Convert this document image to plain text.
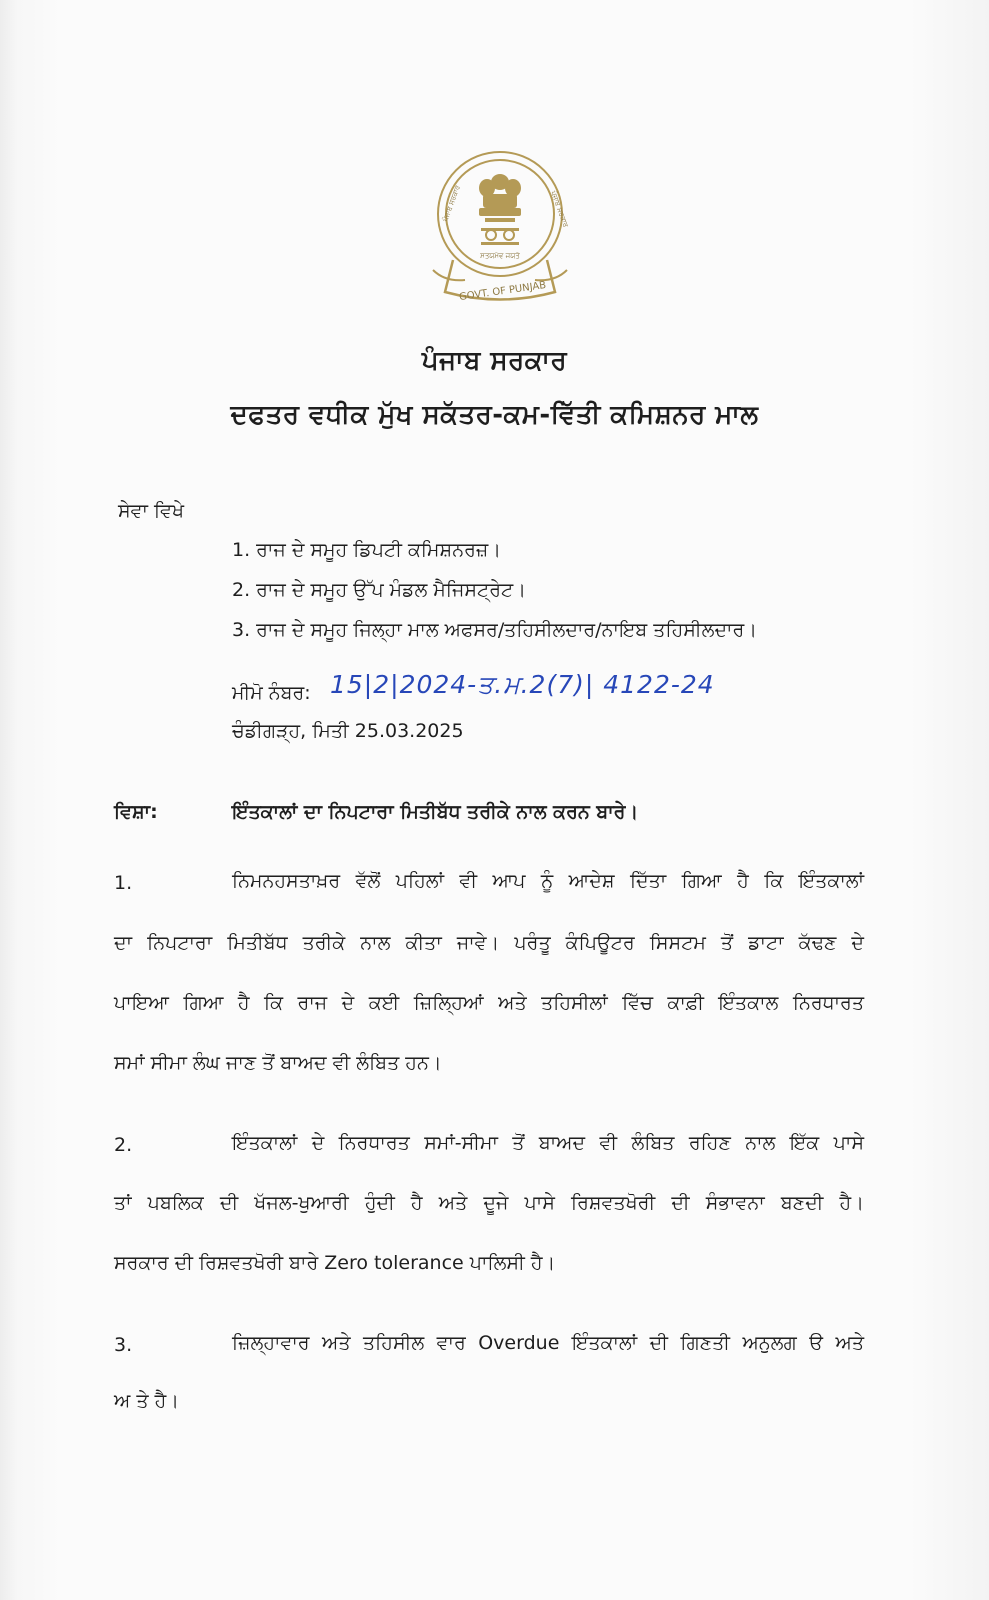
ਸਤਯਮੇਵ ਜਯਤੇ
ਪੰਜਾਬ ਸਰਕਾਰ	ਪੰਜਾਬ ਸਰਕਾਰ
GOVT. OF PUNJAB
ਪੰਜਾਬ ਸਰਕਾਰ
ਦਫਤਰ ਵਧੀਕ ਮੁੱਖ ਸਕੱਤਰ-ਕਮ-ਵਿੱਤੀ ਕਮਿਸ਼ਨਰ ਮਾਲ
ਸੇਵਾ ਵਿਖੇ
1. ਰਾਜ ਦੇ ਸਮੂਹ ਡਿਪਟੀ ਕਮਿਸ਼ਨਰਜ਼।
2. ਰਾਜ ਦੇ ਸਮੂਹ ਉੱਪ ਮੰਡਲ ਮੈਜਿਸਟ੍ਰੇਟ।
3. ਰਾਜ ਦੇ ਸਮੂਹ ਜਿਲ੍ਹਾ ਮਾਲ ਅਫਸਰ/ਤਹਿਸੀਲਦਾਰ/ਨਾਇਬ ਤਹਿਸੀਲਦਾਰ।
ਮੀਮੋ ਨੰਬਰ: 15|2|2024-ਤ.ਮ.2(7)| 4122-24
ਚੰਡੀਗੜ੍ਹ, ਮਿਤੀ 25.03.2025
ਵਿਸ਼ਾ:	ਇੰਤਕਾਲਾਂ ਦਾ ਨਿਪਟਾਰਾ ਮਿਤੀਬੱਧ ਤਰੀਕੇ ਨਾਲ ਕਰਨ ਬਾਰੇ।
1.	ਨਿਮਨਹਸਤਾਖ਼ਰ ਵੱਲੋਂ ਪਹਿਲਾਂ ਵੀ ਆਪ ਨੂੰ ਆਦੇਸ਼ ਦਿੱਤਾ ਗਿਆ ਹੈ ਕਿ ਇੰਤਕਾਲਾਂ
ਦਾ ਨਿਪਟਾਰਾ ਮਿਤੀਬੱਧ ਤਰੀਕੇ ਨਾਲ ਕੀਤਾ ਜਾਵੇ। ਪਰੰਤੂ ਕੰਪਿਊਟਰ ਸਿਸਟਮ ਤੋਂ ਡਾਟਾ ਕੱਢਣ ਦੇ
ਪਾਇਆ ਗਿਆ ਹੈ ਕਿ ਰਾਜ ਦੇ ਕਈ ਜ਼ਿਲ੍ਹਿਆਂ ਅਤੇ ਤਹਿਸੀਲਾਂ ਵਿੱਚ ਕਾਫ਼ੀ ਇੰਤਕਾਲ ਨਿਰਧਾਰਤ
ਸਮਾਂ ਸੀਮਾ ਲੰਘ ਜਾਣ ਤੋਂ ਬਾਅਦ ਵੀ ਲੰਬਿਤ ਹਨ।
2.	ਇੰਤਕਾਲਾਂ ਦੇ ਨਿਰਧਾਰਤ ਸਮਾਂ-ਸੀਮਾ ਤੋਂ ਬਾਅਦ ਵੀ ਲੰਬਿਤ ਰਹਿਣ ਨਾਲ ਇੱਕ ਪਾਸੇ
ਤਾਂ ਪਬਲਿਕ ਦੀ ਖੱਜਲ-ਖੁਆਰੀ ਹੁੰਦੀ ਹੈ ਅਤੇ ਦੂਜੇ ਪਾਸੇ ਰਿਸ਼ਵਤਖੋਰੀ ਦੀ ਸੰਭਾਵਨਾ ਬਣਦੀ ਹੈ।
ਸਰਕਾਰ ਦੀ ਰਿਸ਼ਵਤਖੋਰੀ ਬਾਰੇ Zero tolerance ਪਾਲਿਸੀ ਹੈ।
3.	ਜ਼ਿਲ੍ਹਾਵਾਰ ਅਤੇ ਤਹਿਸੀਲ ਵਾਰ Overdue ਇੰਤਕਾਲਾਂ ਦੀ ਗਿਣਤੀ ਅਨੁਲਗ ੳ ਅਤੇ
ਅ ਤੇ ਹੈ।
